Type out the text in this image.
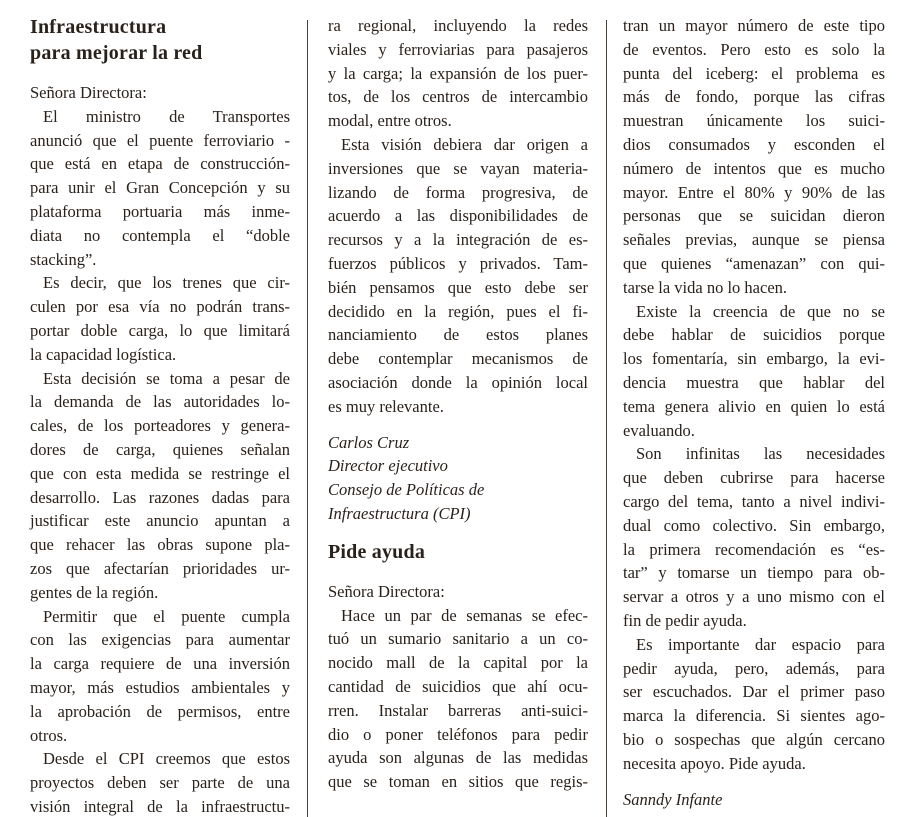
Infraestructura
para mejorar la red
Señora Directora:
El ministro de Transportes
anunció que el puente ferroviario -
que está en etapa de construcción-
para unir el Gran Concepción y su
plataforma portuaria más inme-
diata no contempla el “doble
stacking”.
Es decir, que los trenes que cir-
culen por esa vía no podrán trans-
portar doble carga, lo que limitará
la capacidad logística.
Esta decisión se toma a pesar de
la demanda de las autoridades lo-
cales, de los porteadores y genera-
dores de carga, quienes señalan
que con esta medida se restringe el
desarrollo. Las razones dadas para
justificar este anuncio apuntan a
que rehacer las obras supone pla-
zos que afectarían prioridades ur-
gentes de la región.
Permitir que el puente cumpla
con las exigencias para aumentar
la carga requiere de una inversión
mayor, más estudios ambientales y
la aprobación de permisos, entre
otros.
Desde el CPI creemos que estos
proyectos deben ser parte de una
visión integral de la infraestructu-
ra regional, incluyendo la redes
viales y ferroviarias para pasajeros
y la carga; la expansión de los puer-
tos, de los centros de intercambio
modal, entre otros.
Esta visión debiera dar origen a
inversiones que se vayan materia-
lizando de forma progresiva, de
acuerdo a las disponibilidades de
recursos y a la integración de es-
fuerzos públicos y privados. Tam-
bién pensamos que esto debe ser
decidido en la región, pues el fi-
nanciamiento de estos planes
debe contemplar mecanismos de
asociación donde la opinión local
es muy relevante.
Carlos Cruz
Director ejecutivo
Consejo de Políticas de
Infraestructura (CPI)
Pide ayuda
Señora Directora:
Hace un par de semanas se efec-
tuó un sumario sanitario a un co-
nocido mall de la capital por la
cantidad de suicidios que ahí ocu-
rren. Instalar barreras anti-suici-
dio o poner teléfonos para pedir
ayuda son algunas de las medidas
que se toman en sitios que regis-
tran un mayor número de este tipo
de eventos. Pero esto es solo la
punta del iceberg: el problema es
más de fondo, porque las cifras
muestran únicamente los suici-
dios consumados y esconden el
número de intentos que es mucho
mayor. Entre el 80% y 90% de las
personas que se suicidan dieron
señales previas, aunque se piensa
que quienes “amenazan” con qui-
tarse la vida no lo hacen.
Existe la creencia de que no se
debe hablar de suicidios porque
los fomentaría, sin embargo, la evi-
dencia muestra que hablar del
tema genera alivio en quien lo está
evaluando.
Son infinitas las necesidades
que deben cubrirse para hacerse
cargo del tema, tanto a nivel indivi-
dual como colectivo. Sin embargo,
la primera recomendación es “es-
tar” y tomarse un tiempo para ob-
servar a otros y a uno mismo con el
fin de pedir ayuda.
Es importante dar espacio para
pedir ayuda, pero, además, para
ser escuchados. Dar el primer paso
marca la diferencia. Si sientes ago-
bio o sospechas que algún cercano
necesita apoyo. Pide ayuda.
Sanndy Infante
